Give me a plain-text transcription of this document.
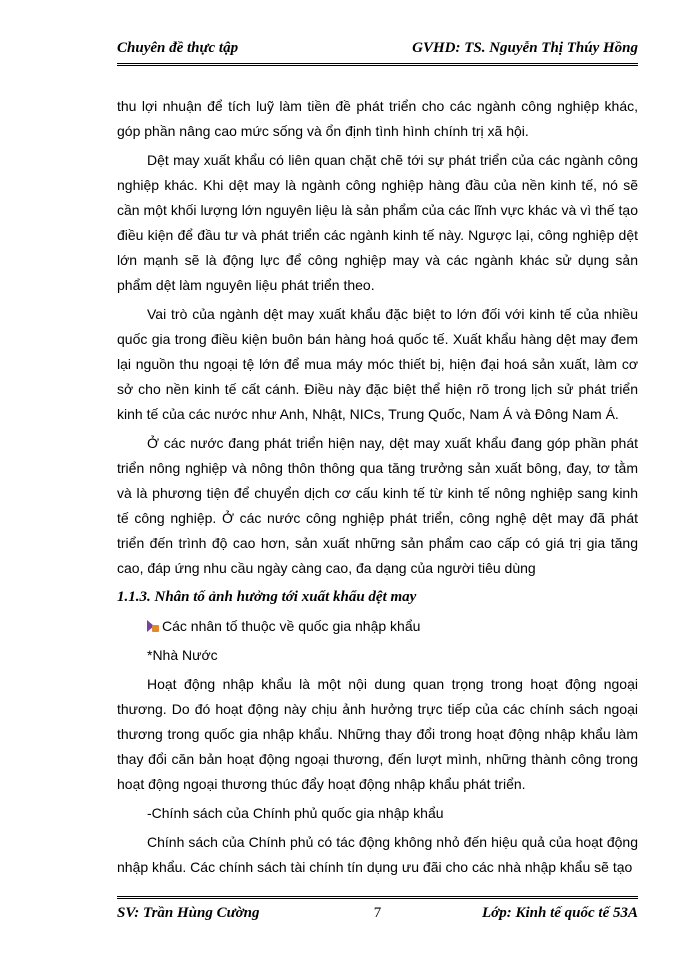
Chuyên đề thực tập	GVHD: TS. Nguyễn Thị Thúy Hồng

thu lợi nhuận để tích luỹ làm tiền đề phát triển cho các ngành công nghiệp khác, góp phần nâng cao mức sống và ổn định tình hình chính trị xã hội.

Dệt may xuất khẩu có liên quan chặt chẽ tới sự phát triển của các ngành công nghiệp khác. Khi dệt may là ngành công nghiệp hàng đầu của nền kinh tế, nó sẽ cần một khối lượng lớn nguyên liệu là sản phẩm của các lĩnh vực khác và vì thế tạo điều kiện để đầu tư và phát triển các ngành kinh tế này. Ngược lại, công nghiệp dệt lớn mạnh sẽ là động lực để công nghiệp may và các ngành khác sử dụng sản phẩm dệt làm nguyên liệu phát triển theo.

Vai trò của ngành dệt may xuất khẩu đặc biệt to lớn đối với kinh tế của nhiều quốc gia trong điều kiện buôn bán hàng hoá quốc tế. Xuất khẩu hàng dệt may đem lại nguồn thu ngoại tệ lớn để mua máy móc thiết bị, hiện đại hoá sản xuất, làm cơ sở cho nền kinh tế cất cánh. Điều này đặc biệt thể hiện rõ trong lịch sử phát triển kinh tế của các nước như Anh, Nhật, NICs, Trung Quốc, Nam Á và Đông Nam Á.

Ở các nước đang phát triển hiện nay, dệt may xuất khẩu đang góp phần phát triển nông nghiệp và nông thôn thông qua tăng trưởng sản xuất bông, đay, tơ tằm và là phương tiện để chuyển dịch cơ cấu kinh tế từ kinh tế nông nghiệp sang kinh tế công nghiệp. Ở các nước công nghiệp phát triển, công nghệ dệt may đã phát triển đến trình độ cao hơn, sản xuất những sản phẩm cao cấp có giá trị gia tăng cao, đáp ứng nhu cầu ngày càng cao, đa dạng của người tiêu dùng

1.1.3. Nhân tố ảnh hưởng tới xuất khẩu dệt may

Các nhân tố thuộc về quốc gia nhập khẩu

*Nhà Nước

Hoạt động nhập khẩu là một nội dung quan trọng trong hoạt động ngoại thương. Do đó hoạt động này chịu ảnh hưởng trực tiếp của các chính sách ngoại thương trong quốc gia nhập khẩu. Những thay đổi trong hoạt động nhập khẩu làm thay đổi căn bản hoạt động ngoại thương, đến lượt mình, những thành công trong hoạt động ngoại thương thúc đẩy hoạt động nhập khẩu phát triển.

-Chính sách của Chính phủ quốc gia nhập khẩu

Chính sách của Chính phủ có tác động không nhỏ đến hiệu quả của hoạt động nhập khẩu. Các chính sách tài chính tín dụng ưu đãi cho các nhà nhập khẩu sẽ tạo

SV: Trần Hùng Cường	7	Lớp: Kinh tế quốc tế 53A
